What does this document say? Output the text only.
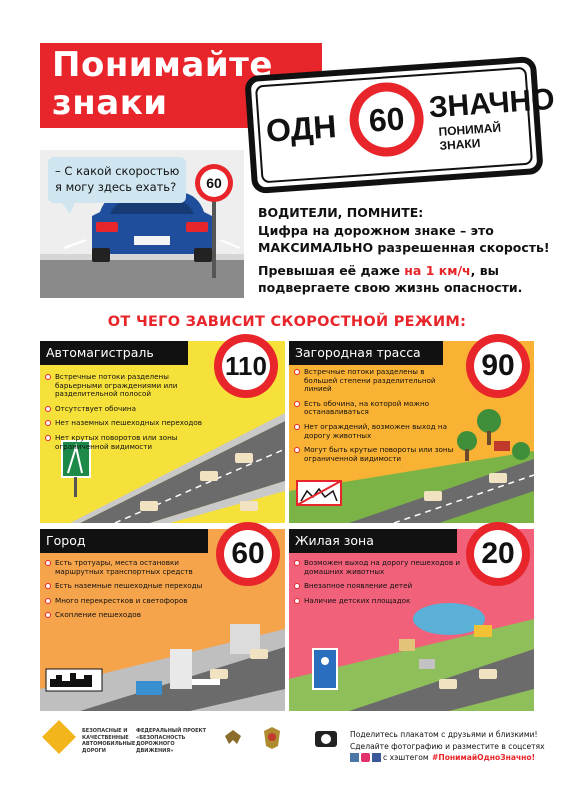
Понимайте
знаки
ОДН 60 ЗНАЧНО
ПОНИМАЙ ЗНАКИ
– С какой скоростью я могу здесь ехать?	60
ВОДИТЕЛИ, ПОМНИТЕ:
Цифра на дорожном знаке – это МАКСИМАЛЬНО разрешенная скорость!
Превышая её даже на 1 км/ч, вы подвергаете свою жизнь опасности.
ОТ ЧЕГО ЗАВИСИТ СКОРОСТНОЙ РЕЖИМ:
Автомагистраль
Встречные потоки разделены барьерными ограждениями или разделительной полосой
Отсутствует обочина
Нет наземных пешеходных переходов
Нет крутых поворотов или зоны ограниченной видимости
110	Загородная трасса
Встречные потоки разделены в большей степени разделительной линией
Есть обочина, на которой можно останавливаться
Нет ограждений, возможен выход на дорогу животных
Могут быть крутые повороты или зоны ограниченной видимости
90
Город
Есть тротуары, места остановки маршрутных транспортных средств
Есть наземные пешеходные переходы
Много перекрестков и светофоров
Скопление пешеходов
60	Жилая зона
Возможен выход на дорогу пешеходов и домашних животных
Внезапное появление детей
Наличие детских площадок
20
БЕЗОПАСНЫЕ И КАЧЕСТВЕННЫЕ АВТОМОБИЛЬНЫЕ ДОРОГИ
ФЕДЕРАЛЬНЫЙ ПРОЕКТ «БЕЗОПАСНОСТЬ ДОРОЖНОГО ДВИЖЕНИЯ»
Поделитесь плакатом с друзьями и близкими!
Сделайте фотографию и разместите в соцсетях
с хэштегом #ПонимайОдноЗначно!
